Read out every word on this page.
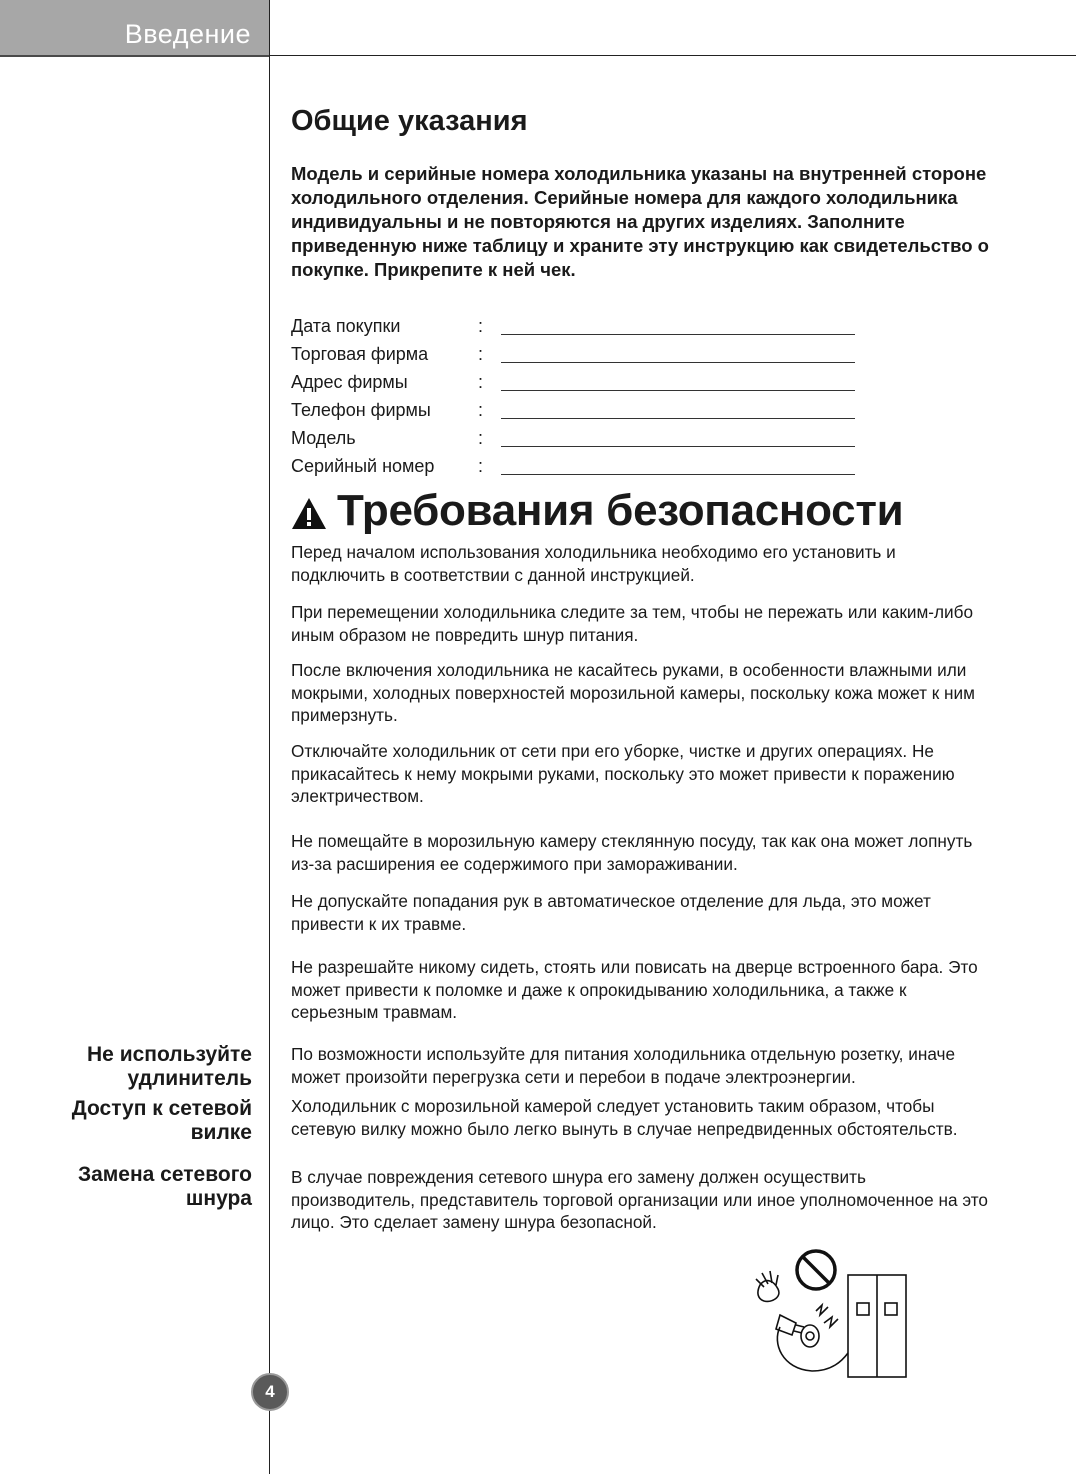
Введение
Общие указания

Модель и серийные номера холодильника указаны на внутренней стороне холодильного отделения. Серийные номера для каждого холодильника индивидуальны и не повторяются на других изделиях. Заполните приведенную ниже таблицу и храните эту инструкцию как свидетельство о покупке. Прикрепите к ней чек.

Дата покупки	:
Торговая фирма	:
Адрес фирмы	:
Телефон фирмы	:
Модель	:
Серийный номер :
Требования безопасности

Перед началом использования холодильника необходимо его установить и подключить в соответствии с данной инструкцией.

При перемещении холодильника следите за тем, чтобы не пережать или каким-либо иным образом не повредить шнур питания.

После включения холодильника не касайтесь руками, в особенности влажными или мокрыми, холодных поверхностей морозильной камеры, поскольку кожа может к ним примерзнуть.

Отключайте холодильник от сети при его уборке, чистке и других операциях. Не прикасайтесь к нему мокрыми руками, поскольку это может привести к поражению электричеством.

Не помещайте в морозильную камеру стеклянную посуду, так как она может лопнуть из-за расширения ее содержимого при замораживании.

Не допускайте попадания рук в автоматическое отделение для льда, это может привести к их травме.

Не разрешайте никому сидеть, стоять или повисать на дверце встроенного бара. Это может привести к поломке и даже к опрокидыванию холодильника, а также к серьезным травмам.

Не используйте удлинитель

По возможности используйте для питания холодильника отдельную розетку, иначе может произойти перегрузка сети и перебои в подаче электроэнергии.

Доступ к сетевой вилке

Холодильник с морозильной камерой следует установить таким образом, чтобы сетевую вилку можно было легко вынуть в случае непредвиденных обстоятельств.

Замена сетевого шнура

В случае повреждения сетевого шнура его замену должен осуществить производитель, представитель торговой организации или иное уполномоченное на это лицо. Это сделает замену шнура безопасной.

4
